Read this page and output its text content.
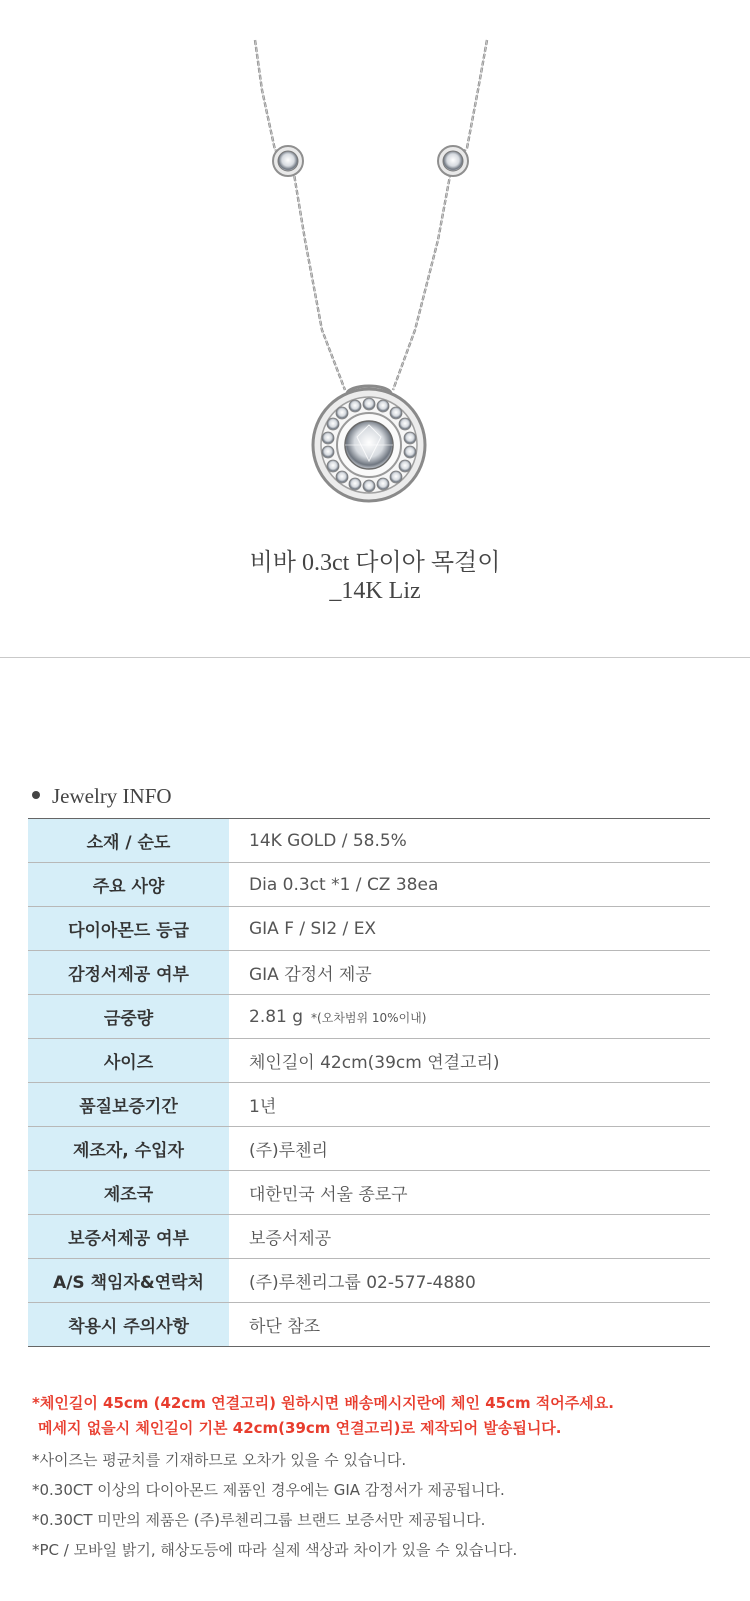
비바 0.3ct 다이아 목걸이
_14K Liz
Jewelry INFO
소재 / 순도	14K GOLD / 58.5%
주요 사양	Dia 0.3ct *1 / CZ 38ea
다이아몬드 등급	GIA F / SI2 / EX
감정서제공 여부	GIA 감정서 제공
금중량	2.81 g *(오차범위 10%이내)
사이즈	체인길이 42cm(39cm 연결고리)
품질보증기간	1년
제조자, 수입자	(주)루첸리
제조국	대한민국 서울 종로구
보증서제공 여부	보증서제공
A/S 책임자&연락처	(주)루첸리그룹 02-577-4880
착용시 주의사항	하단 참조
*체인길이 45cm (42cm 연결고리) 원하시면 배송메시지란에 체인 45cm 적어주세요.
메세지 없을시 체인길이 기본 42cm(39cm 연결고리)로 제작되어 발송됩니다.
*사이즈는 평균치를 기재하므로 오차가 있을 수 있습니다.
*0.30CT 이상의 다이아몬드 제품인 경우에는 GIA 감정서가 제공됩니다.
*0.30CT 미만의 제품은 (주)루첸리그룹 브랜드 보증서만 제공됩니다.
*PC / 모바일 밝기, 해상도등에 따라 실제 색상과 차이가 있을 수 있습니다.
